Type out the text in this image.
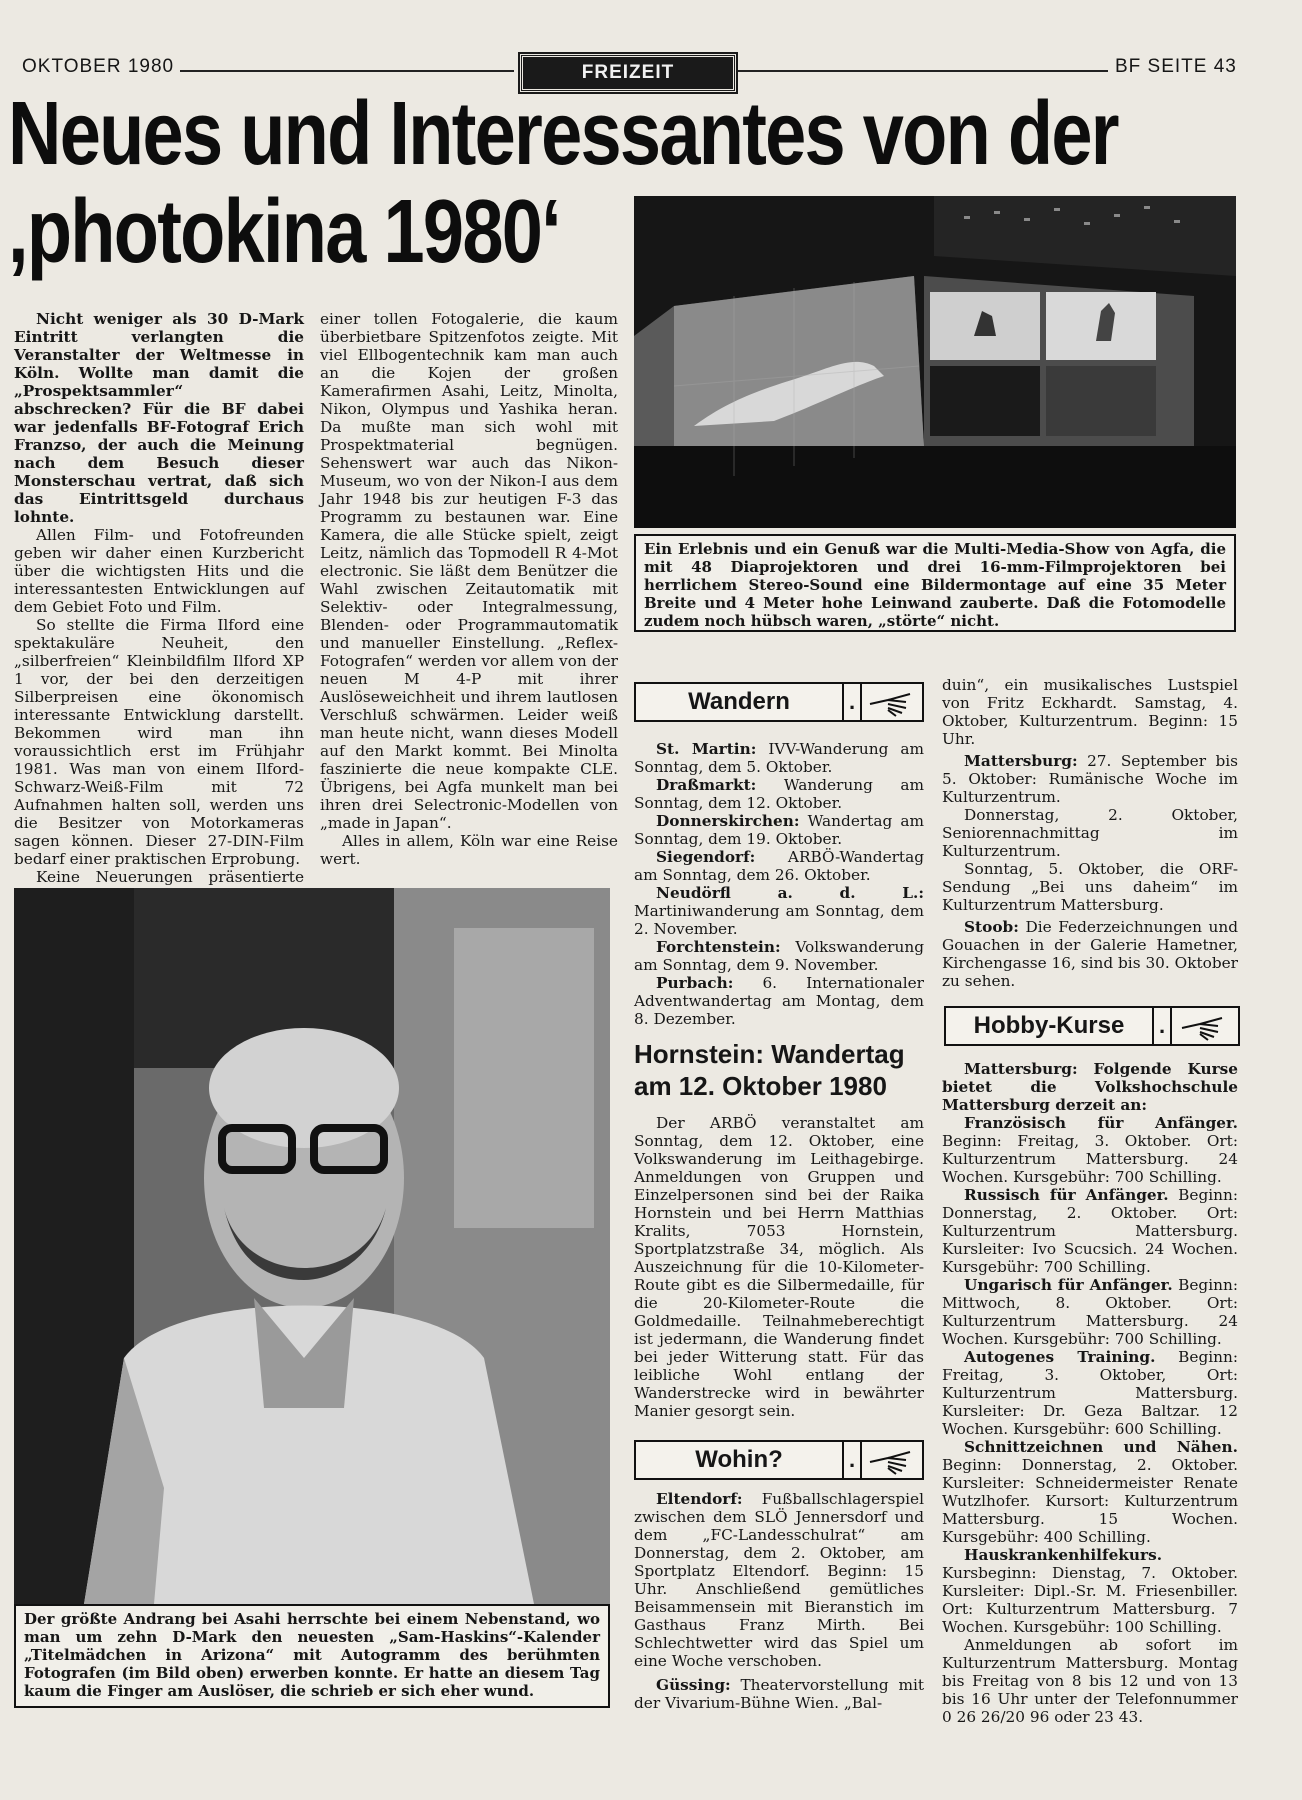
OKTOBER 1980	FREIZEIT	BF SEITE 43
Neues und Interessantes von der
,photokina 1980‘

Nicht weniger als 30 D-Mark Eintritt verlangten die Veranstalter der Weltmesse in Köln. Wollte man damit die „Prospektsammler“ abschrecken? Für die BF dabei war jedenfalls BF-Fotograf Erich Franzso, der auch die Meinung nach dem Besuch dieser Monsterschau vertrat, daß sich das Eintrittsgeld durchaus lohnte.

Allen Film- und Fotofreunden geben wir daher einen Kurzbericht über die wichtigsten Hits und die interessantesten Entwicklungen auf dem Gebiet Foto und Film.

So stellte die Firma Ilford eine spektakuläre Neuheit, den „silberfreien“ Kleinbildfilm Ilford XP 1 vor, der bei den derzeitigen Silberpreisen eine ökonomisch interessante Entwicklung darstellt. Bekommen wird man ihn voraussichtlich erst im Frühjahr 1981. Was man von einem Ilford-Schwarz-Weiß-Film mit 72 Aufnahmen halten soll, werden uns die Besitzer von Motorkameras sagen können. Dieser 27-DIN-Film bedarf einer praktischen Erprobung.

Keine Neuerungen präsentierte

einer tollen Fotogalerie, die kaum überbietbare Spitzenfotos zeigte. Mit viel Ellbogentechnik kam man auch an die Kojen der großen Kamerafirmen Asahi, Leitz, Minolta, Nikon, Olympus und Yashika heran. Da mußte man sich wohl mit Prospektmaterial begnügen. Sehenswert war auch das Nikon-Museum, wo von der Nikon-I aus dem Jahr 1948 bis zur heutigen F-3 das Programm zu bestaunen war. Eine Kamera, die alle Stücke spielt, zeigt Leitz, nämlich das Topmodell R 4-Mot electronic. Sie läßt dem Benützer die Wahl zwischen Zeitautomatik mit Selektiv- oder Integralmessung, Blenden- oder Programmautomatik und manueller Einstellung. „Reflex-Fotografen“ werden vor allem von der neuen M 4-P mit ihrer Auslöseweichheit und ihrem lautlosen Verschluß schwärmen. Leider weiß man heute nicht, wann dieses Modell auf den Markt kommt. Bei Minolta faszinierte die neue kompakte CLE. Übrigens, bei Agfa munkelt man bei ihren drei Selectronic-Modellen von „made in Japan“.

Alles in allem, Köln war eine Reise wert.

Ein Erlebnis und ein Genuß war die Multi-Media-Show von Agfa, die mit 48 Diaprojektoren und drei 16-mm-Filmprojektoren bei herrlichem Stereo-Sound eine Bildermontage auf eine 35 Meter Breite und 4 Meter hohe Leinwand zauberte. Daß die Fotomodelle zudem noch hübsch waren, „störte“ nicht.
Der größte Andrang bei Asahi herrschte bei einem Nebenstand, wo man um zehn D-Mark den neuesten „Sam-Haskins“-Kalender „Titelmädchen in Arizona“ mit Autogramm des berühmten Fotografen (im Bild oben) erwerben konnte. Er hatte an diesem Tag kaum die Finger am Auslöser, die schrieb er sich eher wund.
Wandern	.

St. Martin: IVV-Wanderung am Sonntag, dem 5. Oktober.

Draßmarkt: Wanderung am Sonntag, dem 12. Oktober.

Donnerskirchen: Wandertag am Sonntag, dem 19. Oktober.

Siegendorf: ARBÖ-Wandertag am Sonntag, dem 26. Oktober.

Neudörfl a. d. L.: Martiniwanderung am Sonntag, dem 2. November.

Forchtenstein: Volkswanderung am Sonntag, dem 9. November.

Purbach: 6. Internationaler Adventwandertag am Montag, dem 8. Dezember.

Hornstein: Wandertag
am 12. Oktober 1980

Der ARBÖ veranstaltet am Sonntag, dem 12. Oktober, eine Volkswanderung im Leithagebirge. Anmeldungen von Gruppen und Einzelpersonen sind bei der Raika Hornstein und bei Herrn Matthias Kralits, 7053 Hornstein, Sportplatzstraße 34, möglich. Als Auszeichnung für die 10-Kilometer-Route gibt es die Silbermedaille, für die 20-Kilometer-Route die Goldmedaille. Teilnahmeberechtigt ist jedermann, die Wanderung findet bei jeder Witterung statt. Für das leibliche Wohl entlang der Wanderstrecke wird in bewährter Manier gesorgt sein.

Wohin?	.

Eltendorf: Fußballschlagerspiel zwischen dem SLÖ Jennersdorf und dem „FC-Landesschulrat“ am Donnerstag, dem 2. Oktober, am Sportplatz Eltendorf. Beginn: 15 Uhr. Anschließend gemütliches Beisammensein mit Bieranstich im Gasthaus Franz Mirth. Bei Schlechtwetter wird das Spiel um eine Woche verschoben.

Güssing: Theatervorstellung mit der Vivarium-Bühne Wien. „Bal-

duin“, ein musikalisches Lustspiel von Fritz Eckhardt. Samstag, 4. Oktober, Kulturzentrum. Beginn: 15 Uhr.

Mattersburg: 27. September bis 5. Oktober: Rumänische Woche im Kulturzentrum.

Donnerstag, 2. Oktober, Seniorennachmittag im Kulturzentrum.

Sonntag, 5. Oktober, die ORF-Sendung „Bei uns daheim“ im Kulturzentrum Mattersburg.

Stoob: Die Federzeichnungen und Gouachen in der Galerie Hametner, Kirchengasse 16, sind bis 30. Oktober zu sehen.

Hobby-Kurse	.

Mattersburg: Folgende Kurse bietet die Volkshochschule Mattersburg derzeit an:

Französisch für Anfänger. Beginn: Freitag, 3. Oktober. Ort: Kulturzentrum Mattersburg. 24 Wochen. Kursgebühr: 700 Schilling.

Russisch für Anfänger. Beginn: Donnerstag, 2. Oktober. Ort: Kulturzentrum Mattersburg. Kursleiter: Ivo Scucsich. 24 Wochen. Kursgebühr: 700 Schilling.

Ungarisch für Anfänger. Beginn: Mittwoch, 8. Oktober. Ort: Kulturzentrum Mattersburg. 24 Wochen. Kursgebühr: 700 Schilling.

Autogenes Training. Beginn: Freitag, 3. Oktober, Ort: Kulturzentrum Mattersburg. Kursleiter: Dr. Geza Baltzar. 12 Wochen. Kursgebühr: 600 Schilling.

Schnittzeichnen und Nähen. Beginn: Donnerstag, 2. Oktober. Kursleiter: Schneidermeister Renate Wutzlhofer. Kursort: Kulturzentrum Mattersburg. 15 Wochen. Kursgebühr: 400 Schilling.

Hauskrankenhilfekurs. Kursbeginn: Dienstag, 7. Oktober. Kursleiter: Dipl.-Sr. M. Friesenbiller. Ort: Kulturzentrum Mattersburg. 7 Wochen. Kursgebühr: 100 Schilling.

Anmeldungen ab sofort im Kulturzentrum Mattersburg. Montag bis Freitag von 8 bis 12 und von 13 bis 16 Uhr unter der Telefonnummer 0 26 26/20 96 oder 23 43.
